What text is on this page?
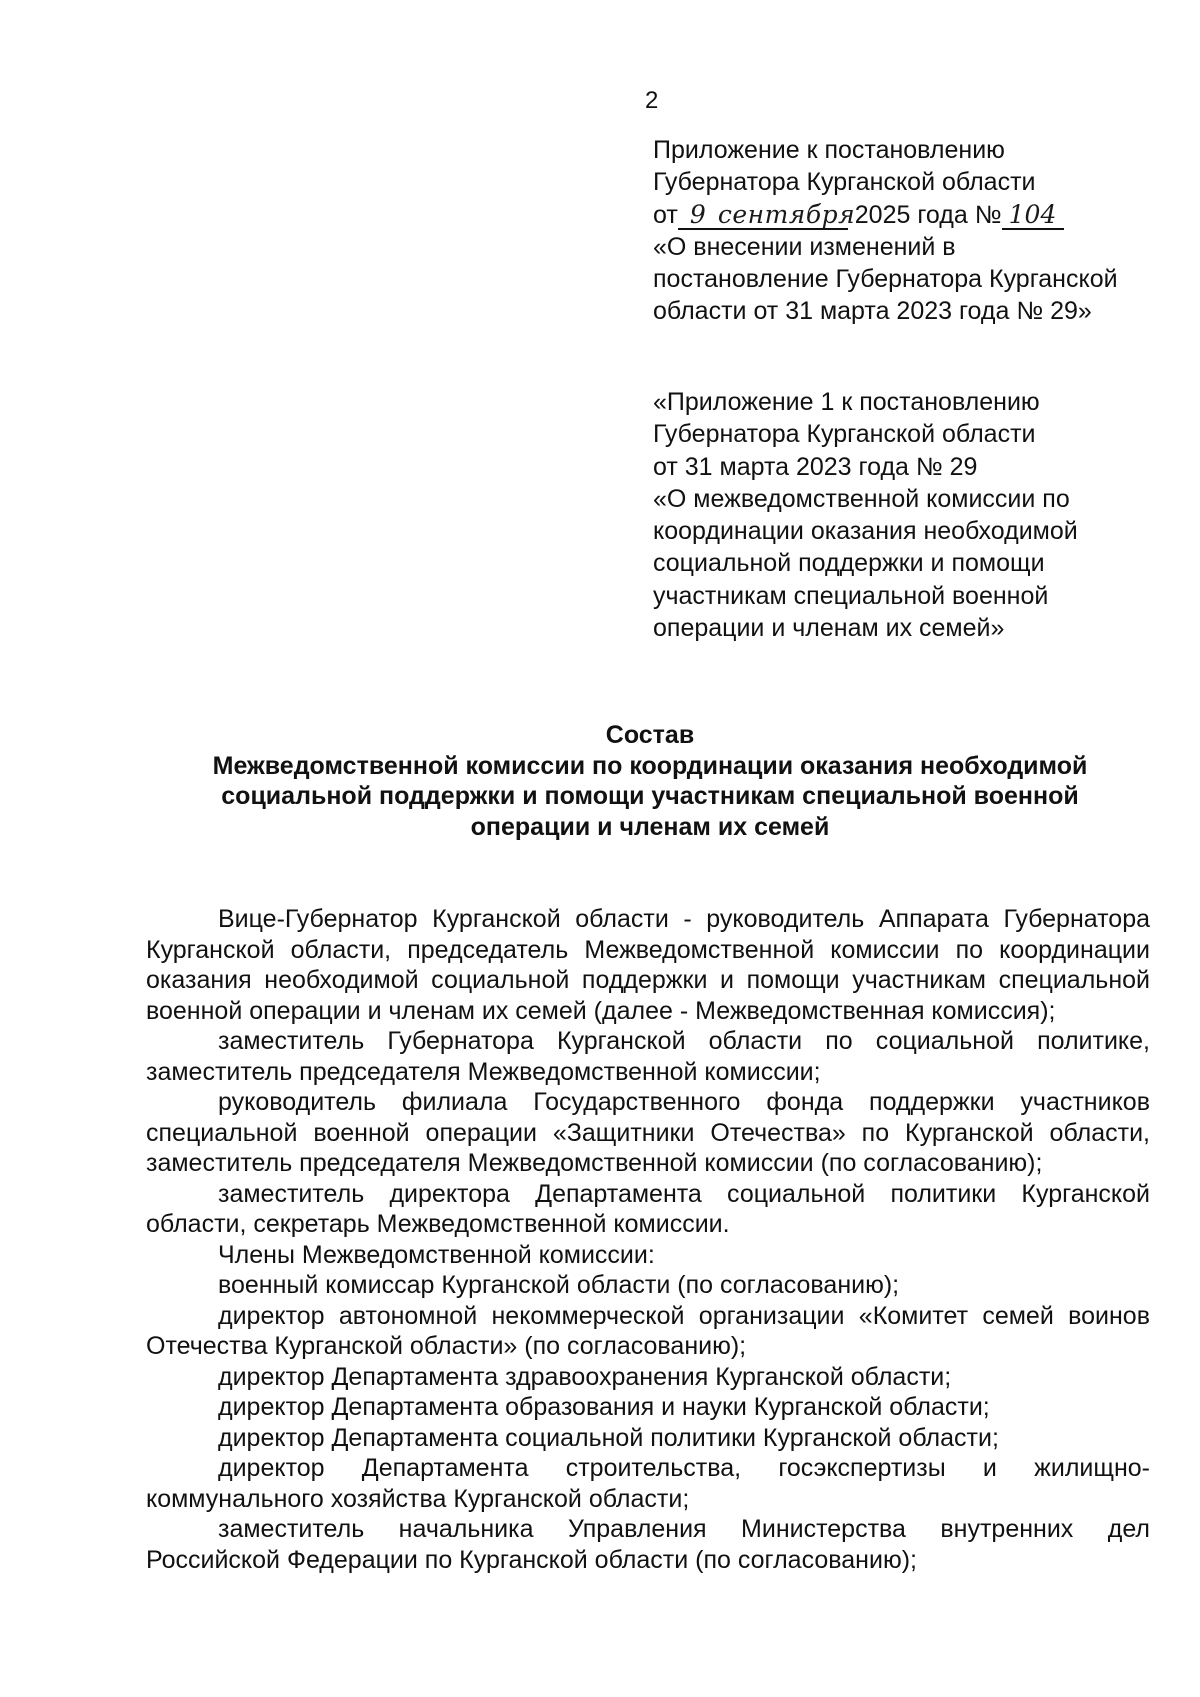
2
Приложение к постановлению
Губернатора Курганской области
от 9 сентября 2025 года № 104
«О внесении изменений в
постановление Губернатора Курганской
области от 31 марта 2023 года № 29»
«Приложение 1 к постановлению
Губернатора Курганской области
от 31 марта 2023 года № 29
«О межведомственной комиссии по
координации оказания необходимой
социальной поддержки и помощи
участникам специальной военной
операции и членам их семей»
Состав
Межведомственной комиссии по координации оказания необходимой
социальной поддержки и помощи участникам специальной военной
операции и членам их семей

Вице-Губернатор Курганской области - руководитель Аппарата Губернатора Курганской области, председатель Межведомственной комиссии по координации оказания необходимой социальной поддержки и помощи участникам специальной военной операции и членам их семей (далее - Межведомственная комиссия);

заместитель Губернатора Курганской области по социальной политике, заместитель председателя Межведомственной комиссии;

руководитель филиала Государственного фонда поддержки участников специальной военной операции «Защитники Отечества» по Курганской области, заместитель председателя Межведомственной комиссии (по согласованию);

заместитель директора Департамента социальной политики Курганской области, секретарь Межведомственной комиссии.

Члены Межведомственной комиссии:

военный комиссар Курганской области (по согласованию);

директор автономной некоммерческой организации «Комитет семей воинов Отечества Курганской области» (по согласованию);

директор Департамента здравоохранения Курганской области;

директор Департамента образования и науки Курганской области;

директор Департамента социальной политики Курганской области;

директор Департамента строительства, госэкспертизы и жилищно-коммунального хозяйства Курганской области;

заместитель начальника Управления Министерства внутренних дел Российской Федерации по Курганской области (по согласованию);
